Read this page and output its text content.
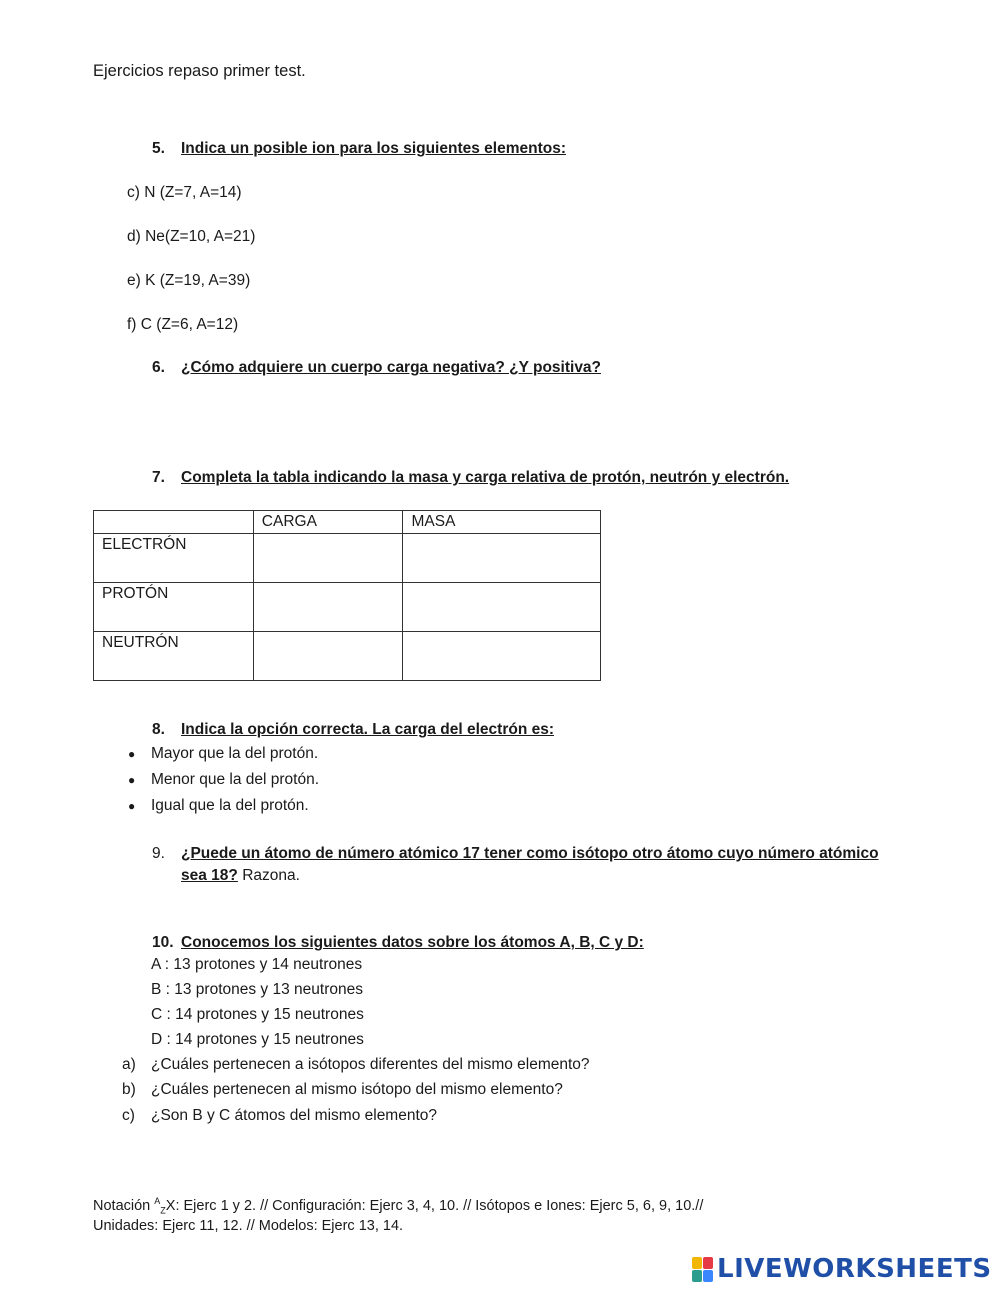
Ejercicios repaso primer test.
5. Indica un posible ion para los siguientes elementos:
c) N (Z=7, A=14)
d) Ne(Z=10, A=21)
e) K (Z=19, A=39)
f) C (Z=6, A=12)
6. ¿Cómo adquiere un cuerpo carga negativa? ¿Y positiva?
7. Completa la tabla indicando la masa y carga relativa de protón, neutrón y electrón.
	CARGA	MASA
ELECTRÓN		
PROTÓN		
NEUTRÓN		
8. Indica la opción correcta. La carga del electrón es:
● Mayor que la del protón.
● Menor que la del protón.
● Igual que la del protón.
9. ¿Puede un átomo de número atómico 17 tener como isótopo otro átomo cuyo número atómico
sea 18? Razona.
10. Conocemos los siguientes datos sobre los átomos A, B, C y D:
A : 13 protones y 14 neutrones
B : 13 protones y 13 neutrones
C : 14 protones y 15 neutrones
D : 14 protones y 15 neutrones
a) ¿Cuáles pertenecen a isótopos diferentes del mismo elemento?
b) ¿Cuáles pertenecen al mismo isótopo del mismo elemento?
c) ¿Son B y C átomos del mismo elemento?
Notación $^A_Z$X: Ejerc 1 y 2. // Configuración: Ejerc 3, 4, 10. // Isótopos e Iones: Ejerc 5, 6, 9, 10.//
Unidades: Ejerc 11, 12. // Modelos: Ejerc 13, 14.
LIVEWORKSHEETS
